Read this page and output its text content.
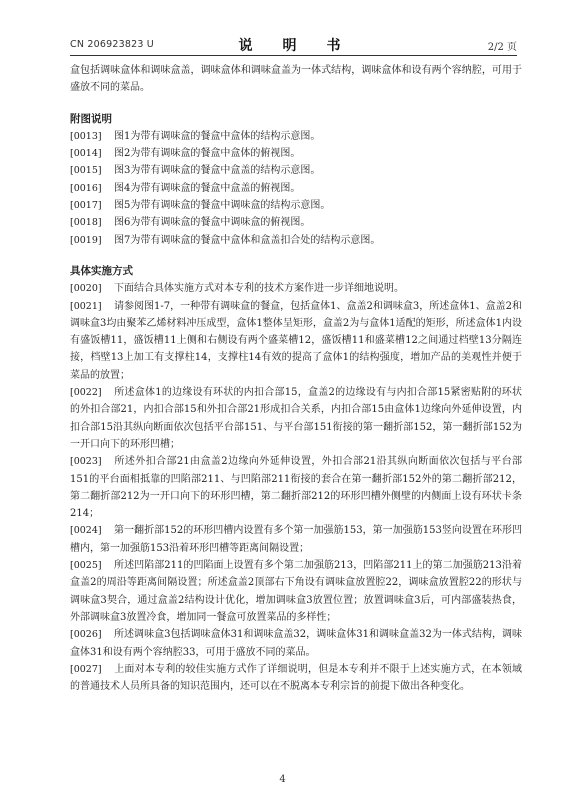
CN 206923823 U	说　明　书	2/2 页

盒包括调味盒体和调味盒盖，调味盒体和调味盒盖为一体式结构，调味盒体和设有两个容纳腔，可用于盛放不同的菜品。

附图说明

[0013] 图1为带有调味盒的餐盒中盒体的结构示意图。
[0014] 图2为带有调味盒的餐盒中盒体的俯视图。
[0015] 图3为带有调味盒的餐盒中盒盖的结构示意图。
[0016] 图4为带有调味盒的餐盒中盒盖的俯视图。
[0017] 图5为带有调味盒的餐盒中调味盒的结构示意图。
[0018] 图6为带有调味盒的餐盒中调味盒的俯视图。
[0019] 图7为带有调味盒的餐盒中盒体和盒盖扣合处的结构示意图。

具体实施方式

[0020] 下面结合具体实施方式对本专利的技术方案作进一步详细地说明。

[0021] 请参阅图1-7，一种带有调味盒的餐盒，包括盒体1、盒盖2和调味盒3，所述盒体1、盒盖2和调味盒3均由聚苯乙烯材料冲压成型，盒体1整体呈矩形，盒盖2为与盒体1适配的矩形，所述盒体1内设有盛饭槽11，盛饭槽11上侧和右侧设有两个盛菜槽12，盛饭槽11和盛菜槽12之间通过档壁13分隔连接，档壁13上加工有支撑柱14，支撑柱14有效的提高了盒体1的结构强度，增加产品的美观性并便于菜品的放置；

[0022] 所述盒体1的边缘设有环状的内扣合部15，盒盖2的边缘设有与内扣合部15紧密贴附的环状的外扣合部21，内扣合部15和外扣合部21形成扣合关系，内扣合部15由盒体1边缘向外延伸设置，内扣合部15沿其纵向断面依次包括平台部151、与平台部151衔接的第一翻折部152，第一翻折部152为一开口向下的环形凹槽；

[0023] 所述外扣合部21由盒盖2边缘向外延伸设置，外扣合部21沿其纵向断面依次包括与平台部151的平台面相抵靠的凹陷部211、与凹陷部211衔接的套合在第一翻折部152外的第二翻折部212，第二翻折部212为一开口向下的环形凹槽，第二翻折部212的环形凹槽外侧壁的内侧面上设有环状卡条214；

[0024] 第一翻折部152的环形凹槽内设置有多个第一加强筋153，第一加强筋153竖向设置在环形凹槽内，第一加强筋153沿着环形凹槽等距离间隔设置；

[0025] 所述凹陷部211的凹陷面上设置有多个第二加强筋213，凹陷部211上的第二加强筋213沿着盒盖2的周沿等距离间隔设置；所述盒盖2顶部右下角设有调味盒放置腔22，调味盒放置腔22的形状与调味盒3契合，通过盒盖2结构设计优化，增加调味盒3放置位置；放置调味盒3后，可内部盛装热食，外部调味盒3放置冷食，增加同一餐盒可放置菜品的多样性；

[0026] 所述调味盒3包括调味盒体31和调味盒盖32，调味盒体31和调味盒盖32为一体式结构，调味盒体31和设有两个容纳腔33，可用于盛放不同的菜品。

[0027] 上面对本专利的较佳实施方式作了详细说明，但是本专利并不限于上述实施方式，在本领域的普通技术人员所具备的知识范围内，还可以在不脱离本专利宗旨的前提下做出各种变化。

4
